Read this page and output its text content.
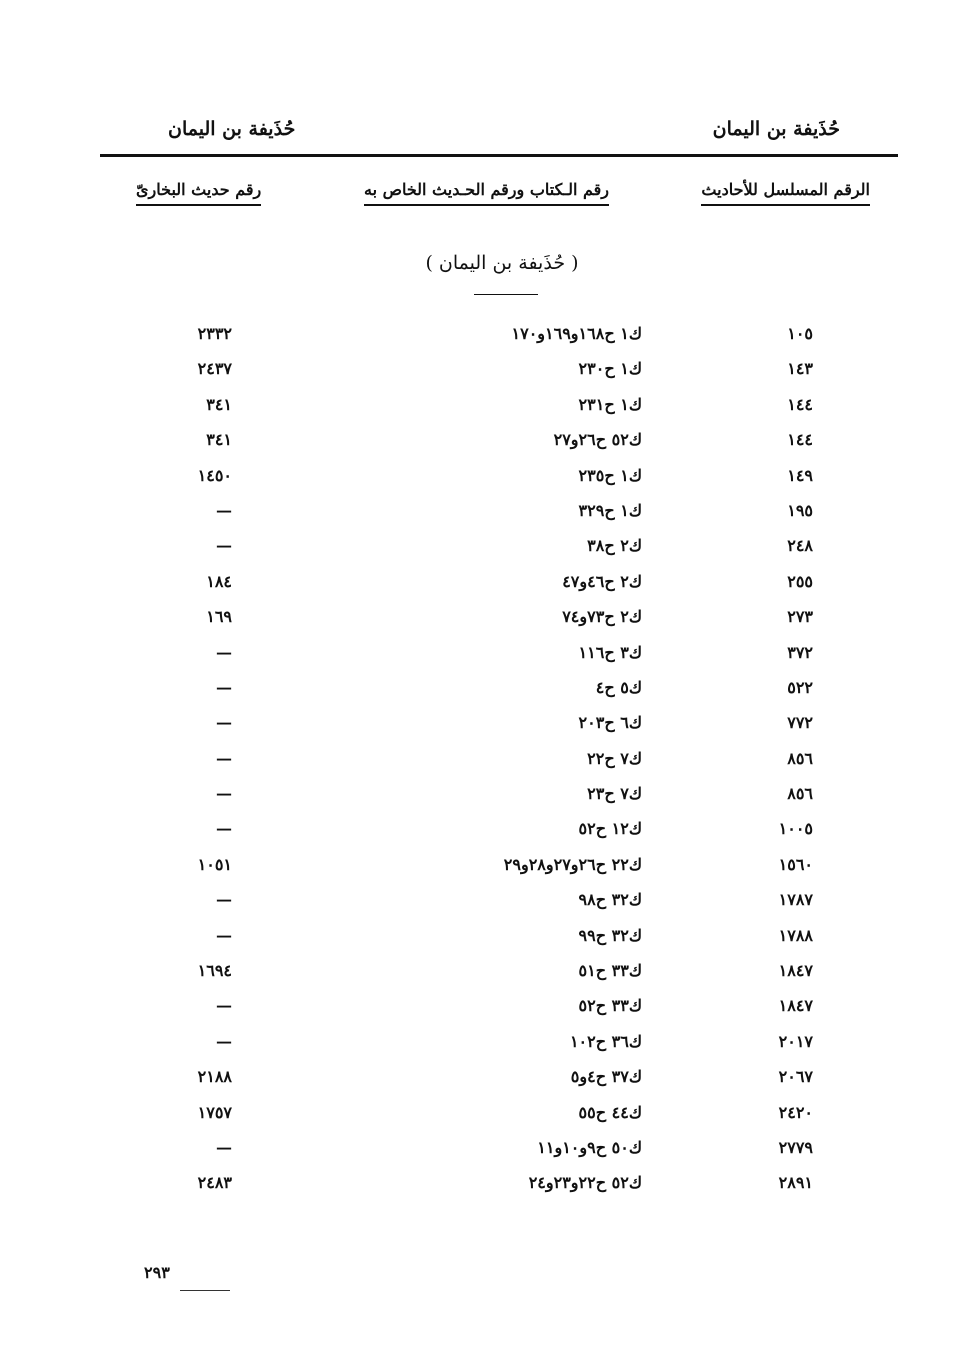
حُذَيفة بن اليمان
حُذَيفة بن اليمان
الرقم المسلسل للأحاديث
رقم الـكتاب ورقم الحـديث الخاص به
رقم حديث البخارىّ
( حُذَيفة بن اليمان )
١٠٥
ك١ ح١٦٨و١٦٩و١٧٠
٢٣٣٢
١٤٣
ك١ ح٢٣٠
٢٤٣٧
١٤٤
ك١ ح٢٣١
٣٤١
١٤٤
ك٥٢ ح٢٦و٢٧
٣٤١
١٤٩
ك١ ح٢٣٥
١٤٥٠
١٩٥
ك١ ح٣٢٩
—
٢٤٨
ك٢ ح٣٨
—
٢٥٥
ك٢ ح٤٦و٤٧
١٨٤
٢٧٣
ك٢ ح٧٣و٧٤
١٦٩
٣٧٢
ك٣ ح١١٦
—
٥٢٢
ك٥ ح٤
—
٧٧٢
ك٦ ح٢٠٣
—
٨٥٦
ك٧ ح٢٢
—
٨٥٦
ك٧ ح٢٣
—
١٠٠٥
ك١٢ ح٥٢
—
١٥٦٠
ك٢٢ ح٢٦و٢٧و٢٨و٢٩
١٠٥١
١٧٨٧
ك٣٢ ح٩٨
—
١٧٨٨
ك٣٢ ح٩٩
—
١٨٤٧
ك٣٣ ح٥١
١٦٩٤
١٨٤٧
ك٣٣ ح٥٢
—
٢٠١٧
ك٣٦ ح١٠٢
—
٢٠٦٧
ك٣٧ ح٤و٥
٢١٨٨
٢٤٢٠
ك٤٤ ح٥٥
١٧٥٧
٢٧٧٩
ك٥٠ ح٩و١٠و١١
—
٢٨٩١
ك٥٢ ح٢٢و٢٣و٢٤
٢٤٨٣
٢٩٣
